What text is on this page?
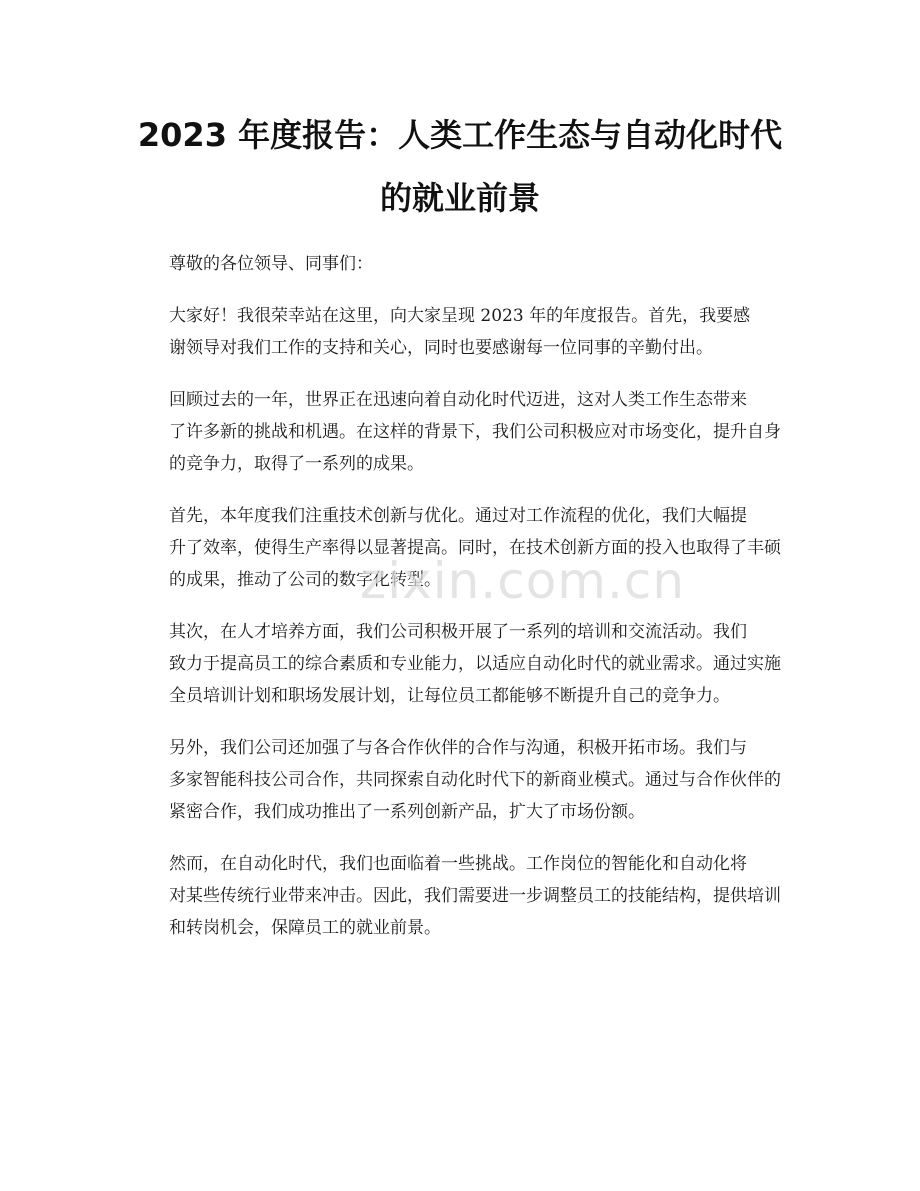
2023 年度报告：人类工作生态与自动化时代
的就业前景

尊敬的各位领导、同事们：

大家好！我很荣幸站在这里，向大家呈现 2023 年的年度报告。首先，我要感
谢领导对我们工作的支持和关心，同时也要感谢每一位同事的辛勤付出。

回顾过去的一年，世界正在迅速向着自动化时代迈进，这对人类工作生态带来
了许多新的挑战和机遇。在这样的背景下，我们公司积极应对市场变化，提升自身
的竞争力，取得了一系列的成果。

首先，本年度我们注重技术创新与优化。通过对工作流程的优化，我们大幅提
升了效率，使得生产率得以显著提高。同时，在技术创新方面的投入也取得了丰硕
的成果，推动了公司的数字化转型。

其次，在人才培养方面，我们公司积极开展了一系列的培训和交流活动。我们
致力于提高员工的综合素质和专业能力，以适应自动化时代的就业需求。通过实施
全员培训计划和职场发展计划，让每位员工都能够不断提升自己的竞争力。

另外，我们公司还加强了与各合作伙伴的合作与沟通，积极开拓市场。我们与
多家智能科技公司合作，共同探索自动化时代下的新商业模式。通过与合作伙伴的
紧密合作，我们成功推出了一系列创新产品，扩大了市场份额。

然而，在自动化时代，我们也面临着一些挑战。工作岗位的智能化和自动化将
对某些传统行业带来冲击。因此，我们需要进一步调整员工的技能结构，提供培训
和转岗机会，保障员工的就业前景。

zixin.com.cn
